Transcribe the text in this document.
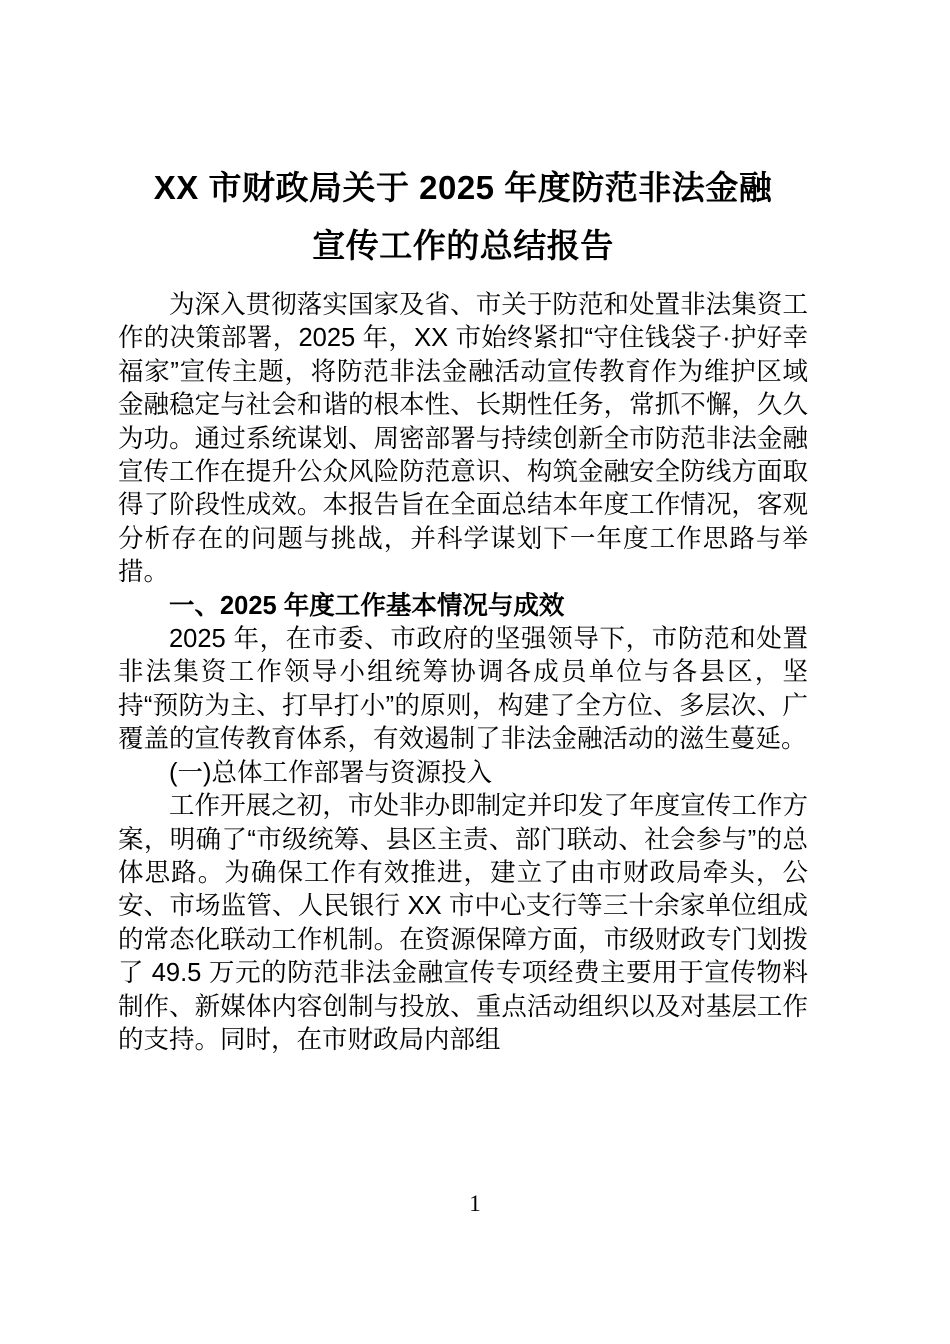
XX 市财政局关于 2025 年度防范非法金融
宣传工作的总结报告

为深入贯彻落实国家及省、市关于防范和处置非法集资工作的决策部署，2025 年，XX 市始终紧扣“守住钱袋子·护好幸福家”宣传主题，将防范非法金融活动宣传教育作为维护区域金融稳定与社会和谐的根本性、长期性任务，常抓不懈，久久为功。通过系统谋划、周密部署与持续创新全市防范非法金融宣传工作在提升公众风险防范意识、构筑金融安全防线方面取得了阶段性成效。本报告旨在全面总结本年度工作情况，客观分析存在的问题与挑战，并科学谋划下一年度工作思路与举措。

一、2025 年度工作基本情况与成效

2025 年，在市委、市政府的坚强领导下，市防范和处置非法集资工作领导小组统筹协调各成员单位与各县区，坚持“预防为主、打早打小”的原则，构建了全方位、多层次、广覆盖的宣传教育体系，有效遏制了非法金融活动的滋生蔓延。

(一)总体工作部署与资源投入

工作开展之初，市处非办即制定并印发了年度宣传工作方案，明确了“市级统筹、县区主责、部门联动、社会参与”的总体思路。为确保工作有效推进，建立了由市财政局牵头，公安、市场监管、人民银行 XX 市中心支行等三十余家单位组成的常态化联动工作机制。在资源保障方面，市级财政专门划拨了 49.5 万元的防范非法金融宣传专项经费主要用于宣传物料制作、新媒体内容创制与投放、重点活动组织以及对基层工作的支持。同时，在市财政局内部组

1
